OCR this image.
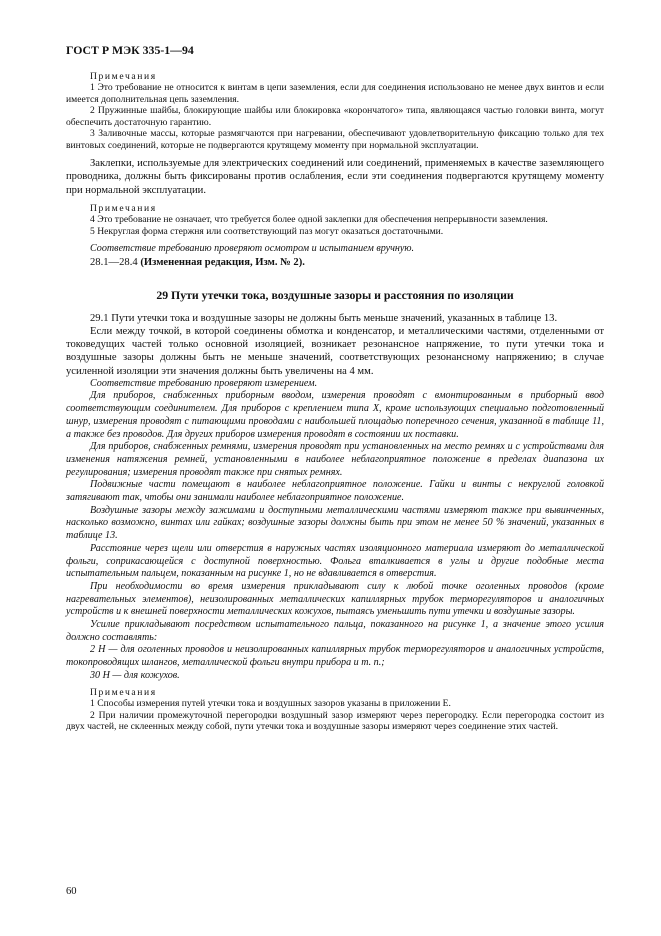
ГОСТ Р МЭК 335-1—94
Примечания

1 Это требование не относится к винтам в цепи заземления, если для соединения использовано не менее двух винтов и если имеется дополнительная цепь заземления.

2 Пружинные шайбы, блокирующие шайбы или блокировка «корончатого» типа, являющаяся частью головки винта, могут обеспечить достаточную гарантию.

3 Заливочные массы, которые размягчаются при нагревании, обеспечивают удовлетворительную фиксацию только для тех винтовых соединений, которые не подвергаются крутящему моменту при нормальной эксплуатации.

Заклепки, используемые для электрических соединений или соединений, применяемых в качестве заземляющего проводника, должны быть фиксированы против ослабления, если эти соединения подвергаются крутящему моменту при нормальной эксплуатации.

Примечания

4 Это требование не означает, что требуется более одной заклепки для обеспечения непрерывности заземления.

5 Некруглая форма стержня или соответствующий паз могут оказаться достаточными.

Соответствие требованию проверяют осмотром и испытанием вручную.

28.1—28.4 (Измененная редакция, Изм. № 2).

29 Пути утечки тока, воздушные зазоры и расстояния по изоляции

29.1 Пути утечки тока и воздушные зазоры не должны быть меньше значений, указанных в таблице 13.

Если между точкой, в которой соединены обмотка и конденсатор, и металлическими частями, отделенными от токоведущих частей только основной изоляцией, возникает резонансное напряжение, то пути утечки тока и воздушные зазоры должны быть не меньше значений, соответствующих резонансному напряжению; в случае усиленной изоляции эти значения должны быть увеличены на 4 мм.

Соответствие требованию проверяют измерением.

Для приборов, снабженных приборным вводом, измерения проводят с вмонтированным в приборный ввод соответствующим соединителем. Для приборов с креплением типа X, кроме использующих специально подготовленный шнур, измерения проводят с питающими проводами с наибольшей площадью поперечного сечения, указанной в таблице 11, а также без проводов. Для других приборов измерения проводят в состоянии их поставки.

Для приборов, снабженных ремнями, измерения проводят при установленных на место ремнях и с устройствами для изменения натяжения ремней, установленными в наиболее неблагоприятное положение в пределах диапазона их регулирования; измерения проводят также при снятых ремнях.

Подвижные части помещают в наиболее неблагоприятное положение. Гайки и винты с некруглой головкой затягивают так, чтобы они занимали наиболее неблагоприятное положение.

Воздушные зазоры между зажимами и доступными металлическими частями измеряют также при вывинченных, насколько возможно, винтах или гайках; воздушные зазоры должны быть при этом не менее 50 % значений, указанных в таблице 13.

Расстояние через щели или отверстия в наружных частях изоляционного материала измеряют до металлической фольги, соприкасающейся с доступной поверхностью. Фольга вталкивается в углы и другие подобные места испытательным пальцем, показанным на рисунке 1, но не вдавливается в отверстия.

При необходимости во время измерения прикладывают силу к любой точке оголенных проводов (кроме нагревательных элементов), неизолированных металлических капиллярных трубок терморегуляторов и аналогичных устройств и к внешней поверхности металлических кожухов, пытаясь уменьшить пути утечки и воздушные зазоры.

Усилие прикладывают посредством испытательного пальца, показанного на рисунке 1, а значение этого усилия должно составлять:

2 Н — для оголенных проводов и неизолированных капиллярных трубок терморегуляторов и аналогичных устройств, токопроводящих шлангов, металлической фольги внутри прибора и т. п.;

30 Н — для кожухов.

Примечания

1 Способы измерения путей утечки тока и воздушных зазоров указаны в приложении Е.

2 При наличии промежуточной перегородки воздушный зазор измеряют через перегородку. Если перегородка состоит из двух частей, не склеенных между собой, пути утечки тока и воздушные зазоры измеряют через соединение этих частей.

60
